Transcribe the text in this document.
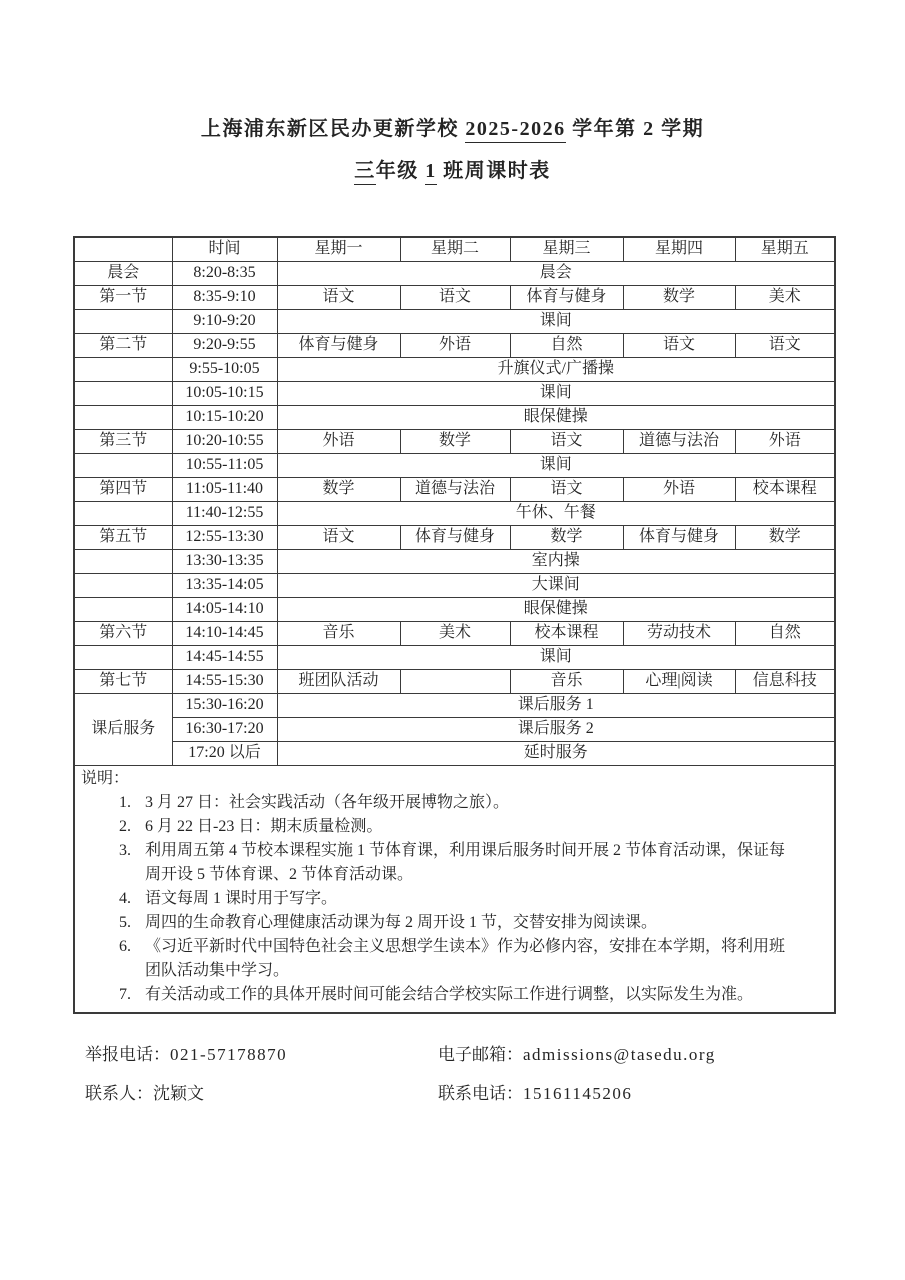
上海浦东新区民办更新学校 2025-2026 学年第 2 学期
三年级 1 班周课时表
	时间	星期一	星期二	星期三	星期四	星期五
晨会	8:20-8:35	晨会				
第一节	8:35-9:10	语文	语文	体育与健身	数学	美术
	9:10-9:20	课间				
第二节	9:20-9:55	体育与健身	外语	自然	语文	语文
	9:55-10:05	升旗仪式/广播操				
	10:05-10:15	课间				
	10:15-10:20	眼保健操				
第三节	10:20-10:55	外语	数学	语文	道德与法治	外语
	10:55-11:05	课间				
第四节	11:05-11:40	数学	道德与法治	语文	外语	校本课程
	11:40-12:55	午休、午餐				
第五节	12:55-13:30	语文	体育与健身	数学	体育与健身	数学
	13:30-13:35	室内操				
	13:35-14:05	大课间				
	14:05-14:10	眼保健操				
第六节	14:10-14:45	音乐	美术	校本课程	劳动技术	自然
	14:45-14:55	课间				
第七节	14:55-15:30	班团队活动		音乐	心理|阅读	信息科技
课后服务	15:30-16:20	课后服务 1				
	16:30-17:20	课后服务 2				
	17:20 以后	延时服务				

说明：
1. 3 月 27 日：社会实践活动（各年级开展博物之旅）。
2. 6 月 22 日-23 日：期末质量检测。
3. 利用周五第 4 节校本课程实施 1 节体育课，利用课后服务时间开展 2 节体育活动课，保证每周开设 5 节体育课、2 节体育活动课。
4. 语文每周 1 课时用于写字。
5. 周四的生命教育心理健康活动课为每 2 周开设 1 节，交替安排为阅读课。
6. 《习近平新时代中国特色社会主义思想学生读本》作为必修内容，安排在本学期，将利用班团队活动集中学习。
7. 有关活动或工作的具体开展时间可能会结合学校实际工作进行调整，以实际发生为准。
举报电话：021-57178870	电子邮箱：admissions@tasedu.org
联系人：沈颖文	联系电话：15161145206
